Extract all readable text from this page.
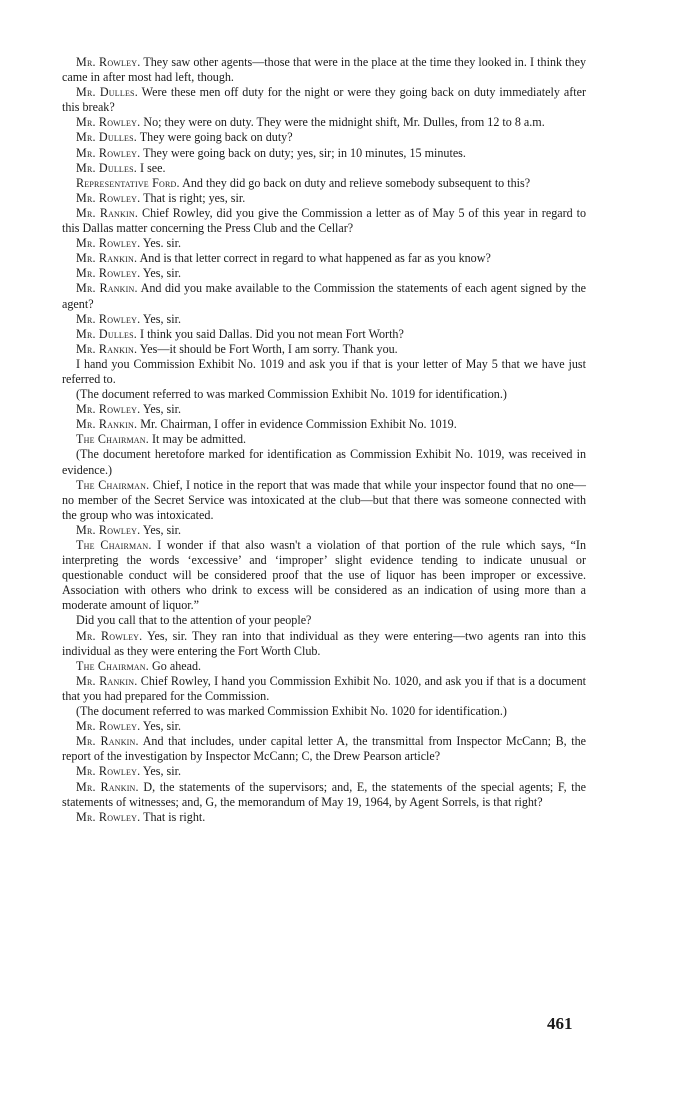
Mr. Rowley. They saw other agents—those that were in the place at the time they looked in. I think they came in after most had left, though.

Mr. Dulles. Were these men off duty for the night or were they going back on duty immediately after this break?

Mr. Rowley. No; they were on duty. They were the midnight shift, Mr. Dulles, from 12 to 8 a.m.

Mr. Dulles. They were going back on duty?

Mr. Rowley. They were going back on duty; yes, sir; in 10 minutes, 15 minutes.

Mr. Dulles. I see.

Representative Ford. And they did go back on duty and relieve somebody subsequent to this?

Mr. Rowley. That is right; yes, sir.

Mr. Rankin. Chief Rowley, did you give the Commission a letter as of May 5 of this year in regard to this Dallas matter concerning the Press Club and the Cellar?

Mr. Rowley. Yes. sir.

Mr. Rankin. And is that letter correct in regard to what happened as far as you know?

Mr. Rowley. Yes, sir.

Mr. Rankin. And did you make available to the Commission the statements of each agent signed by the agent?

Mr. Rowley. Yes, sir.

Mr. Dulles. I think you said Dallas. Did you not mean Fort Worth?

Mr. Rankin. Yes—it should be Fort Worth, I am sorry. Thank you.

I hand you Commission Exhibit No. 1019 and ask you if that is your letter of May 5 that we have just referred to.

(The document referred to was marked Commission Exhibit No. 1019 for identification.)

Mr. Rowley. Yes, sir.

Mr. Rankin. Mr. Chairman, I offer in evidence Commission Exhibit No. 1019.

The Chairman. It may be admitted.

(The document heretofore marked for identification as Commission Exhibit No. 1019, was received in evidence.)

The Chairman. Chief, I notice in the report that was made that while your inspector found that no one—no member of the Secret Service was intoxicated at the club—but that there was someone connected with the group who was intoxicated.

Mr. Rowley. Yes, sir.

The Chairman. I wonder if that also wasn't a violation of that portion of the rule which says, “In interpreting the words ‘excessive’ and ‘improper’ slight evidence tending to indicate unusual or questionable conduct will be considered proof that the use of liquor has been improper or excessive. Association with others who drink to excess will be considered as an indication of using more than a moderate amount of liquor.”

Did you call that to the attention of your people?

Mr. Rowley. Yes, sir. They ran into that individual as they were entering—two agents ran into this individual as they were entering the Fort Worth Club.

The Chairman. Go ahead.

Mr. Rankin. Chief Rowley, I hand you Commission Exhibit No. 1020, and ask you if that is a document that you had prepared for the Commission.

(The document referred to was marked Commission Exhibit No. 1020 for identification.)

Mr. Rowley. Yes, sir.

Mr. Rankin. And that includes, under capital letter A, the transmittal from Inspector McCann; B, the report of the investigation by Inspector McCann; C, the Drew Pearson article?

Mr. Rowley. Yes, sir.

Mr. Rankin. D, the statements of the supervisors; and, E, the statements of the special agents; F, the statements of witnesses; and, G, the memorandum of May 19, 1964, by Agent Sorrels, is that right?

Mr. Rowley. That is right.

461
